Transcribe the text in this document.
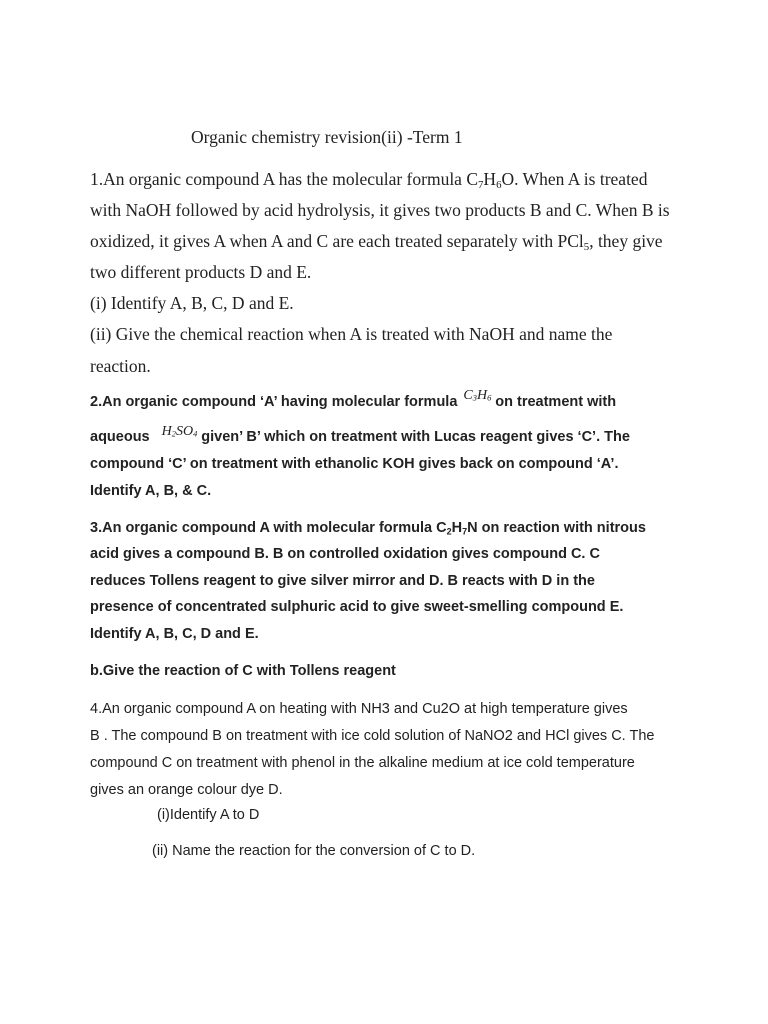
Organic chemistry revision(ii) -Term 1
1.An organic compound A has the molecular formula $C_7H_6O$. When A is treated
with NaOH followed by acid hydrolysis, it gives two products B and C. When B is
oxidized, it gives A when A and C are each treated separately with PCl$_5$, they give
two different products D and E.
(i) Identify A, B, C, D and E.
(ii) Give the chemical reaction when A is treated with NaOH and name the
reaction.
2.An organic compound ‘A’ having molecular formula $C_3H_6$ on treatment with
aqueous $H_2SO_4$ given’ B’ which on treatment with Lucas reagent gives ‘C’. The
compound ‘C’ on treatment with ethanolic KOH gives back on compound ‘A’.
Identify A, B, & C.
3.An organic compound A with molecular formula $C_2H_7N$ on reaction with nitrous
acid gives a compound B. B on controlled oxidation gives compound C. C
reduces Tollens reagent to give silver mirror and D. B reacts with D in the
presence of concentrated sulphuric acid to give sweet-smelling compound E.
Identify A, B, C, D and E.
b.Give the reaction of C with Tollens reagent
4.An organic compound A on heating with NH3 and Cu2O at high temperature gives
B . The compound B on treatment with ice cold solution of NaNO2 and HCl gives C. The
compound C on treatment with phenol in the alkaline medium at ice cold temperature
gives an orange colour dye D.
(i)Identify A to D
(ii) Name the reaction for the conversion of C to D.
